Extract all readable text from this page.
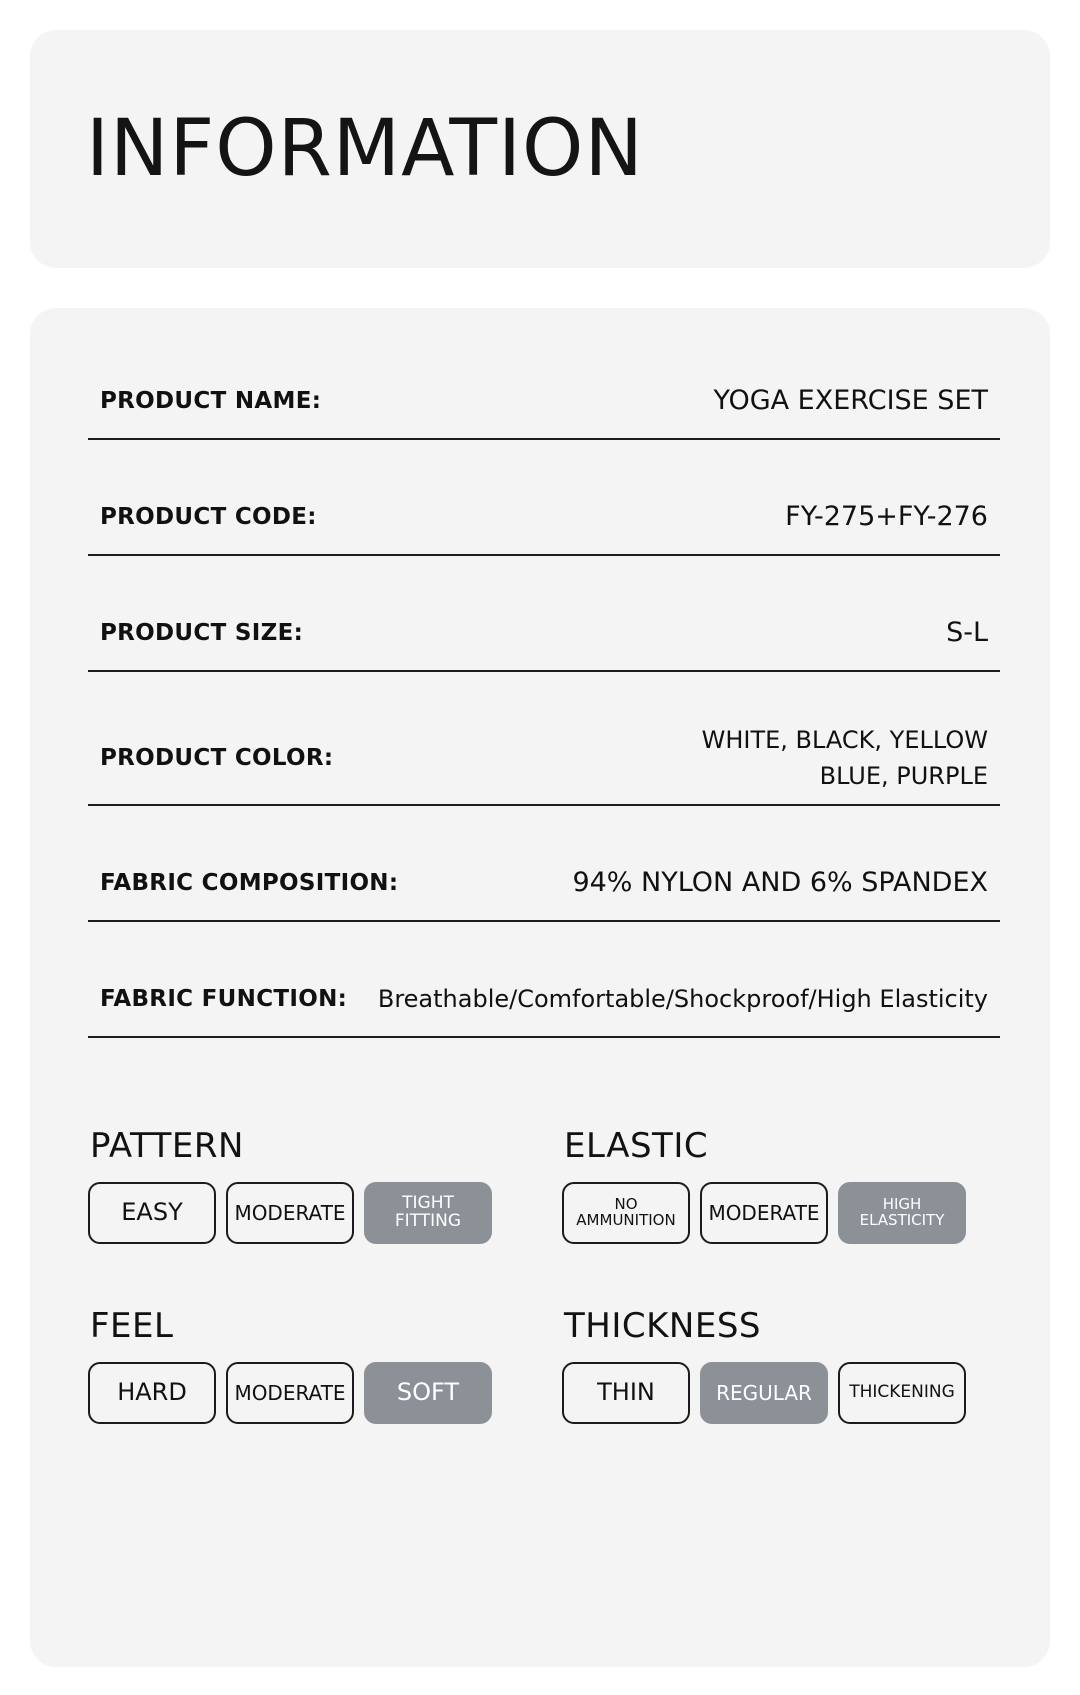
INFORMATION
PRODUCT NAME:	YOGA EXERCISE SET
PRODUCT CODE:	FY-275+FY-276
PRODUCT SIZE:	S-L
PRODUCT COLOR:
WHITE, BLACK, YELLOW
BLUE, PURPLE
FABRIC COMPOSITION:	94% NYLON AND 6% SPANDEX
FABRIC FUNCTION:	Breathable/Comfortable/Shockproof/High Elasticity
PATTERN
EASY	MODERATE	TIGHT FITTING
ELASTIC
NO AMMUNITION	MODERATE	HIGH ELASTICITY
FEEL
HARD MODERATE SOFT
THICKNESS
THIN	REGULAR THICKENING
